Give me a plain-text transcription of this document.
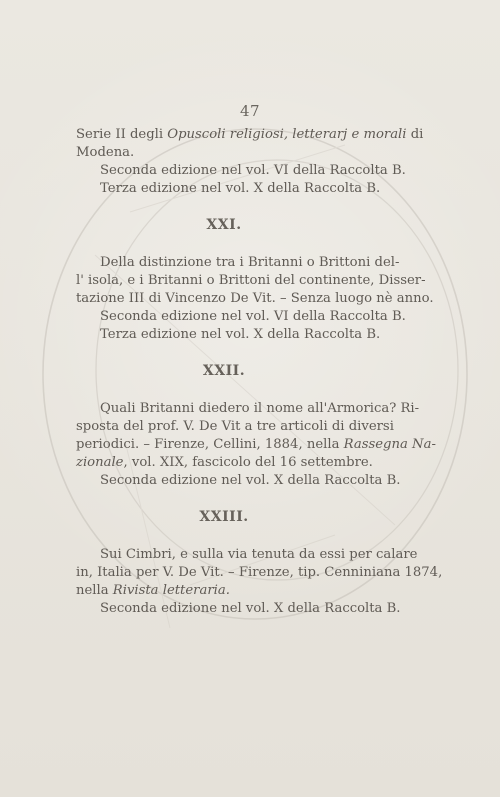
47

Serie II degli Opuscoli religiosi, letterarj e morali di

Modena.

Seconda edizione nel vol. VI della Raccolta B.

Terza edizione nel vol. X della Raccolta B.

XXI.

Della distinzione tra i Britanni o Brittoni del-

l' isola, e i Britanni o Brittoni del continente, Disser-

tazione III di Vincenzo De Vit. – Senza luogo nè anno.

Seconda edizione nel vol. VI della Raccolta B.

Terza edizione nel vol. X della Raccolta B.

XXII.

Quali Britanni diedero il nome all'Armorica? Ri-

sposta del prof. V. De Vit a tre articoli di diversi

periodici. – Firenze, Cellini, 1884, nella Rassegna Na-

zionale, vol. XIX, fascicolo del 16 settembre.

Seconda edizione nel vol. X della Raccolta B.

XXIII.

Sui Cimbri, e sulla via tenuta da essi per calare

in, Italia per V. De Vit. – Firenze, tip. Cenniniana 1874,

nella Rivista letteraria.

Seconda edizione nel vol. X della Raccolta B.
